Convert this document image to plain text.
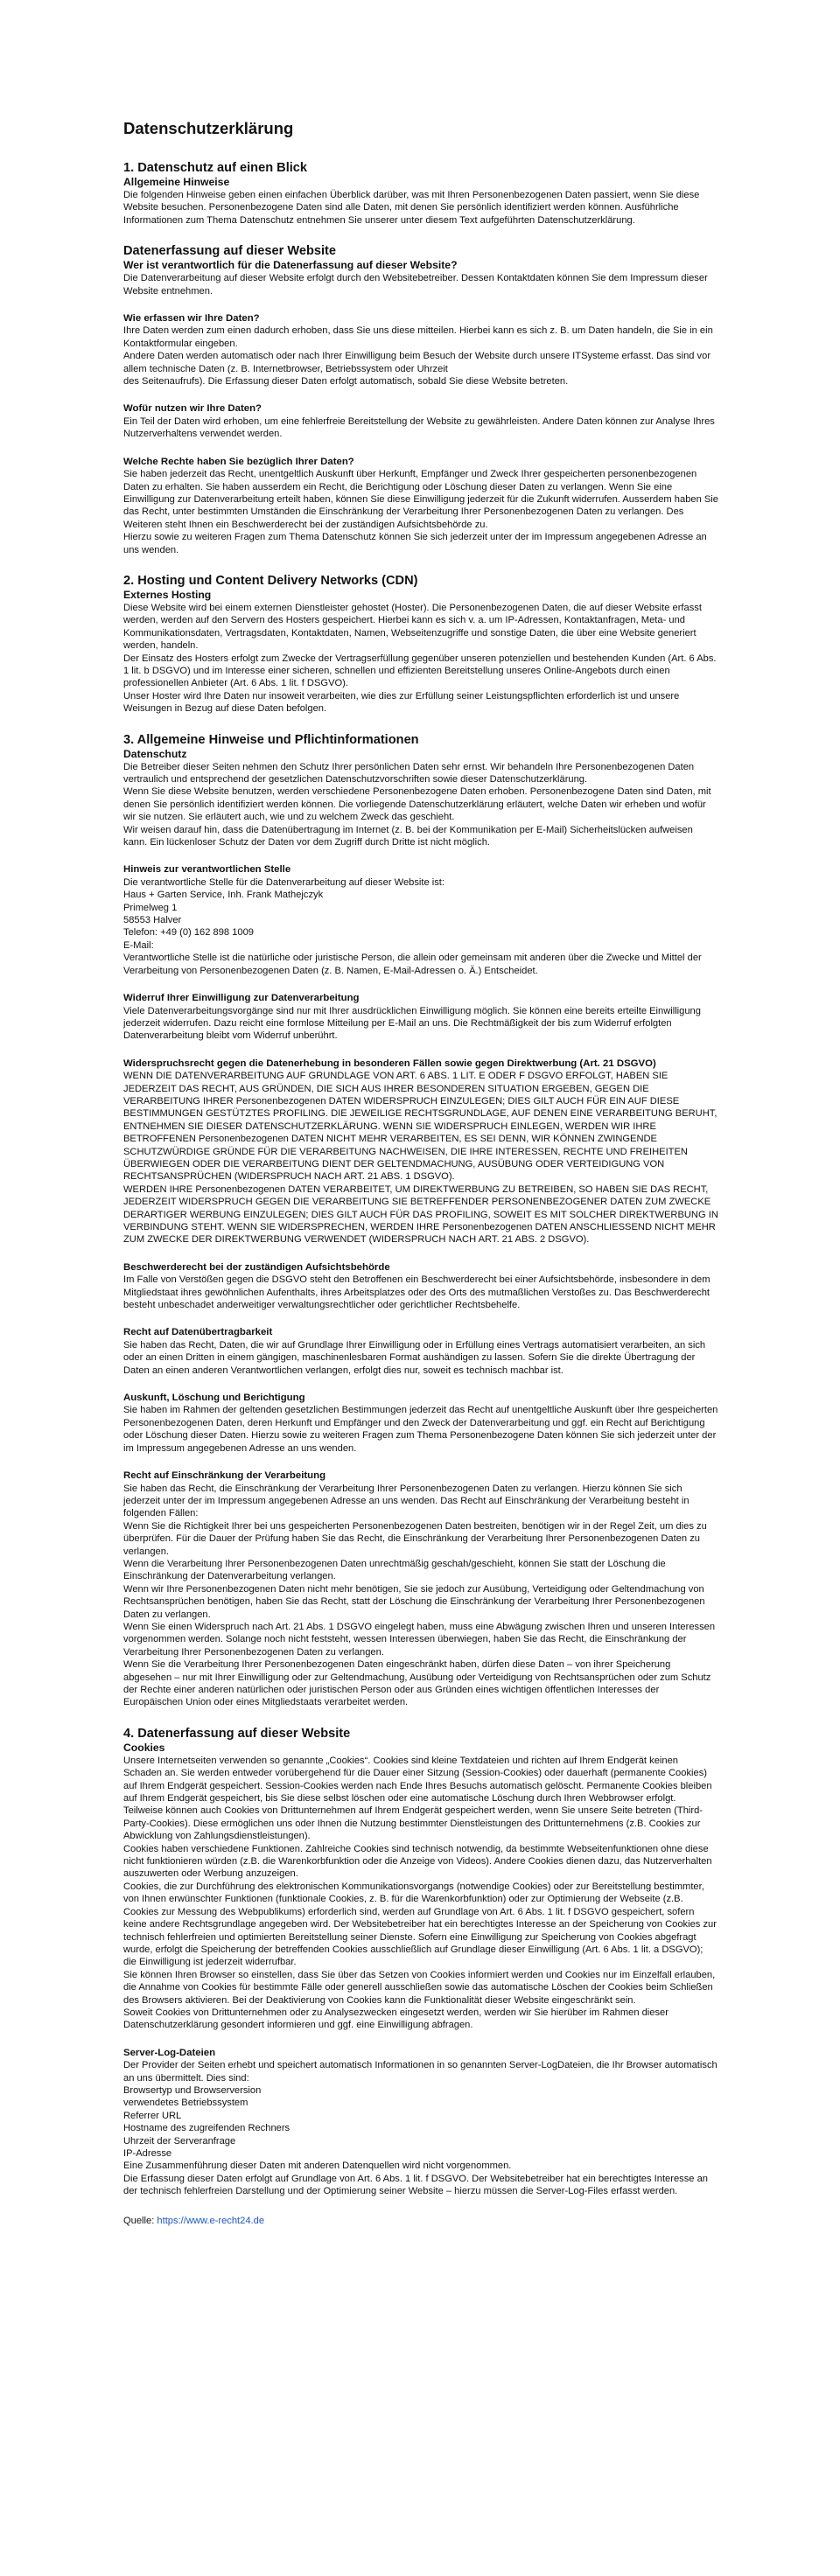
Datenschutzerklärung
1. Datenschutz auf einen Blick
Allgemeine Hinweise

Die folgenden Hinweise geben einen einfachen Überblick darüber, was mit Ihren Personenbezogenen Daten passiert, wenn Sie diese Website besuchen. Personenbezogene Daten sind alle Daten, mit denen Sie persönlich identifiziert werden können. Ausführliche Informationen zum Thema Datenschutz entnehmen Sie unserer unter diesem Text aufgeführten Datenschutzerklärung.

Datenerfassung auf dieser Website
Wer ist verantwortlich für die Datenerfassung auf dieser Website?

Die Datenverarbeitung auf dieser Website erfolgt durch den Websitebetreiber. Dessen Kontaktdaten können Sie dem Impressum dieser Website entnehmen.

Wie erfassen wir Ihre Daten?

Ihre Daten werden zum einen dadurch erhoben, dass Sie uns diese mitteilen. Hierbei kann es sich z. B. um Daten handeln, die Sie in ein Kontaktformular eingeben.
Andere Daten werden automatisch oder nach Ihrer Einwilligung beim Besuch der Website durch unsere ITSysteme erfasst. Das sind vor allem technische Daten (z. B. Internetbrowser, Betriebssystem oder Uhrzeit
des Seitenaufrufs). Die Erfassung dieser Daten erfolgt automatisch, sobald Sie diese Website betreten.

Wofür nutzen wir Ihre Daten?

Ein Teil der Daten wird erhoben, um eine fehlerfreie Bereitstellung der Website zu gewährleisten. Andere Daten können zur Analyse Ihres Nutzerverhaltens verwendet werden.

Welche Rechte haben Sie bezüglich Ihrer Daten?

Sie haben jederzeit das Recht, unentgeltlich Auskunft über Herkunft, Empfänger und Zweck Ihrer gespeicherten personenbezogenen Daten zu erhalten. Sie haben ausserdem ein Recht, die Berichtigung oder Löschung dieser Daten zu verlangen. Wenn Sie eine Einwilligung zur Datenverarbeitung erteilt haben, können Sie diese Einwilligung jederzeit für die Zukunft widerrufen. Ausserdem haben Sie das Recht, unter bestimmten Umständen die Einschränkung der Verarbeitung Ihrer Personenbezogenen Daten zu verlangen. Des Weiteren steht Ihnen ein Beschwerderecht bei der zuständigen Aufsichtsbehörde zu.
Hierzu sowie zu weiteren Fragen zum Thema Datenschutz können Sie sich jederzeit unter der im Impressum angegebenen Adresse an uns wenden.

2. Hosting und Content Delivery Networks (CDN)
Externes Hosting

Diese Website wird bei einem externen Dienstleister gehostet (Hoster). Die Personenbezogenen Daten, die auf dieser Website erfasst werden, werden auf den Servern des Hosters gespeichert. Hierbei kann es sich v. a. um IP-Adressen, Kontaktanfragen, Meta- und Kommunikationsdaten, Vertragsdaten, Kontaktdaten, Namen, Webseitenzugriffe und sonstige Daten, die über eine Website generiert werden, handeln.
Der Einsatz des Hosters erfolgt zum Zwecke der Vertragserfüllung gegenüber unseren potenziellen und bestehenden Kunden (Art. 6 Abs. 1 lit. b DSGVO) und im Interesse einer sicheren, schnellen und effizienten Bereitstellung unseres Online-Angebots durch einen professionellen Anbieter (Art. 6 Abs. 1 lit. f DSGVO).
Unser Hoster wird Ihre Daten nur insoweit verarbeiten, wie dies zur Erfüllung seiner Leistungspflichten erforderlich ist und unsere Weisungen in Bezug auf diese Daten befolgen.

3. Allgemeine Hinweise und Pflichtinformationen
Datenschutz

Die Betreiber dieser Seiten nehmen den Schutz Ihrer persönlichen Daten sehr ernst. Wir behandeln Ihre Personenbezogenen Daten vertraulich und entsprechend der gesetzlichen Datenschutzvorschriften sowie dieser Datenschutzerklärung.
Wenn Sie diese Website benutzen, werden verschiedene Personenbezogene Daten erhoben. Personenbezogene Daten sind Daten, mit denen Sie persönlich identifiziert werden können. Die vorliegende Datenschutzerklärung erläutert, welche Daten wir erheben und wofür wir sie nutzen. Sie erläutert auch, wie und zu welchem Zweck das geschieht.
Wir weisen darauf hin, dass die Datenübertragung im Internet (z. B. bei der Kommunikation per E-Mail) Sicherheitslücken aufweisen kann. Ein lückenloser Schutz der Daten vor dem Zugriff durch Dritte ist nicht möglich.

Hinweis zur verantwortlichen Stelle

Die verantwortliche Stelle für die Datenverarbeitung auf dieser Website ist:
Haus + Garten Service, Inh. Frank Mathejczyk
Primelweg 1
58553 Halver
Telefon: +49 (0) 162 898 1009
E-Mail:
Verantwortliche Stelle ist die natürliche oder juristische Person, die allein oder gemeinsam mit anderen über die Zwecke und Mittel der Verarbeitung von Personenbezogenen Daten (z. B. Namen, E-Mail-Adressen o. Ä.) Entscheidet.

Widerruf Ihrer Einwilligung zur Datenverarbeitung

Viele Datenverarbeitungsvorgänge sind nur mit Ihrer ausdrücklichen Einwilligung möglich. Sie können eine bereits erteilte Einwilligung jederzeit widerrufen. Dazu reicht eine formlose Mitteilung per E-Mail an uns. Die Rechtmäßigkeit der bis zum Widerruf erfolgten Datenverarbeitung bleibt vom Widerruf unberührt.

Widerspruchsrecht gegen die Datenerhebung in besonderen Fällen sowie gegen Direktwerbung (Art. 21 DSGVO)

WENN DIE DATENVERARBEITUNG AUF GRUNDLAGE VON ART. 6 ABS. 1 LIT. E ODER F DSGVO ERFOLGT, HABEN SIE JEDERZEIT DAS RECHT, AUS GRÜNDEN, DIE SICH AUS IHRER BESONDEREN SITUATION ERGEBEN, GEGEN DIE VERARBEITUNG IHRER Personenbezogenen DATEN WIDERSPRUCH EINZULEGEN; DIES GILT AUCH FÜR EIN AUF DIESE BESTIMMUNGEN GESTÜTZTES PROFILING. DIE JEWEILIGE RECHTSGRUNDLAGE, AUF DENEN EINE VERARBEITUNG BERUHT, ENTNEHMEN SIE DIESER DATENSCHUTZERKLÄRUNG. WENN SIE WIDERSPRUCH EINLEGEN, WERDEN WIR IHRE BETROFFENEN Personenbezogenen DATEN NICHT MEHR VERARBEITEN, ES SEI DENN, WIR KÖNNEN ZWINGENDE SCHUTZWÜRDIGE GRÜNDE FÜR DIE VERARBEITUNG NACHWEISEN, DIE IHRE INTERESSEN, RECHTE UND FREIHEITEN ÜBERWIEGEN ODER DIE VERARBEITUNG DIENT DER GELTENDMACHUNG, AUSÜBUNG ODER VERTEIDIGUNG VON RECHTSANSPRÜCHEN (WIDERSPRUCH NACH ART. 21 ABS. 1 DSGVO).
WERDEN IHRE Personenbezogenen DATEN VERARBEITET, UM DIREKTWERBUNG ZU BETREIBEN, SO HABEN SIE DAS RECHT, JEDERZEIT WIDERSPRUCH GEGEN DIE VERARBEITUNG SIE BETREFFENDER PERSONENBEZOGENER DATEN ZUM ZWECKE DERARTIGER WERBUNG EINZULEGEN; DIES GILT AUCH FÜR DAS PROFILING, SOWEIT ES MIT SOLCHER DIREKTWERBUNG IN VERBINDUNG STEHT. WENN SIE WIDERSPRECHEN, WERDEN IHRE Personenbezogenen DATEN ANSCHLIESSEND NICHT MEHR ZUM ZWECKE DER DIREKTWERBUNG VERWENDET (WIDERSPRUCH NACH ART. 21 ABS. 2 DSGVO).

Beschwerderecht bei der zuständigen Aufsichtsbehörde

Im Falle von Verstößen gegen die DSGVO steht den Betroffenen ein Beschwerderecht bei einer Aufsichtsbehörde, insbesondere in dem Mitgliedstaat ihres gewöhnlichen Aufenthalts, ihres Arbeitsplatzes oder des Orts des mutmaßlichen Verstoßes zu. Das Beschwerderecht besteht unbeschadet anderweitiger verwaltungsrechtlicher oder gerichtlicher Rechtsbehelfe.

Recht auf Datenübertragbarkeit

Sie haben das Recht, Daten, die wir auf Grundlage Ihrer Einwilligung oder in Erfüllung eines Vertrags automatisiert verarbeiten, an sich oder an einen Dritten in einem gängigen, maschinenlesbaren Format aushändigen zu lassen. Sofern Sie die direkte Übertragung der Daten an einen anderen Verantwortlichen verlangen, erfolgt dies nur, soweit es technisch machbar ist.

Auskunft, Löschung und Berichtigung

Sie haben im Rahmen der geltenden gesetzlichen Bestimmungen jederzeit das Recht auf unentgeltliche Auskunft über Ihre gespeicherten Personenbezogenen Daten, deren Herkunft und Empfänger und den Zweck der Datenverarbeitung und ggf. ein Recht auf Berichtigung oder Löschung dieser Daten. Hierzu sowie zu weiteren Fragen zum Thema Personenbezogene Daten können Sie sich jederzeit unter der im Impressum angegebenen Adresse an uns wenden.

Recht auf Einschränkung der Verarbeitung

Sie haben das Recht, die Einschränkung der Verarbeitung Ihrer Personenbezogenen Daten zu verlangen. Hierzu können Sie sich jederzeit unter der im Impressum angegebenen Adresse an uns wenden. Das Recht auf Einschränkung der Verarbeitung besteht in folgenden Fällen:
Wenn Sie die Richtigkeit Ihrer bei uns gespeicherten Personenbezogenen Daten bestreiten, benötigen wir in der Regel Zeit, um dies zu überprüfen. Für die Dauer der Prüfung haben Sie das Recht, die Einschränkung der Verarbeitung Ihrer Personenbezogenen Daten zu verlangen.
Wenn die Verarbeitung Ihrer Personenbezogenen Daten unrechtmäßig geschah/geschieht, können Sie statt der Löschung die Einschränkung der Datenverarbeitung verlangen.
Wenn wir Ihre Personenbezogenen Daten nicht mehr benötigen, Sie sie jedoch zur Ausübung, Verteidigung oder Geltendmachung von Rechtsansprüchen benötigen, haben Sie das Recht, statt der Löschung die Einschränkung der Verarbeitung Ihrer Personenbezogenen Daten zu verlangen.
Wenn Sie einen Widerspruch nach Art. 21 Abs. 1 DSGVO eingelegt haben, muss eine Abwägung zwischen Ihren und unseren Interessen vorgenommen werden. Solange noch nicht feststeht, wessen Interessen überwiegen, haben Sie das Recht, die Einschränkung der Verarbeitung Ihrer Personenbezogenen Daten zu verlangen.
Wenn Sie die Verarbeitung Ihrer Personenbezogenen Daten eingeschränkt haben, dürfen diese Daten – von ihrer Speicherung abgesehen – nur mit Ihrer Einwilligung oder zur Geltendmachung, Ausübung oder Verteidigung von Rechtsansprüchen oder zum Schutz der Rechte einer anderen natürlichen oder juristischen Person oder aus Gründen eines wichtigen öffentlichen Interesses der Europäischen Union oder eines Mitgliedstaats verarbeitet werden.

4. Datenerfassung auf dieser Website
Cookies

Unsere Internetseiten verwenden so genannte „Cookies“. Cookies sind kleine Textdateien und richten auf Ihrem Endgerät keinen Schaden an. Sie werden entweder vorübergehend für die Dauer einer Sitzung (Session-Cookies) oder dauerhaft (permanente Cookies) auf Ihrem Endgerät gespeichert. Session-Cookies werden nach Ende Ihres Besuchs automatisch gelöscht. Permanente Cookies bleiben auf Ihrem Endgerät gespeichert, bis Sie diese selbst löschen oder eine automatische Löschung durch Ihren Webbrowser erfolgt.
Teilweise können auch Cookies von Drittunternehmen auf Ihrem Endgerät gespeichert werden, wenn Sie unsere Seite betreten (Third-Party-Cookies). Diese ermöglichen uns oder Ihnen die Nutzung bestimmter Dienstleistungen des Drittunternehmens (z.B. Cookies zur Abwicklung von Zahlungsdienstleistungen).
Cookies haben verschiedene Funktionen. Zahlreiche Cookies sind technisch notwendig, da bestimmte Webseitenfunktionen ohne diese nicht funktionieren würden (z.B. die Warenkorbfunktion oder die Anzeige von Videos). Andere Cookies dienen dazu, das Nutzerverhalten auszuwerten oder Werbung anzuzeigen.
Cookies, die zur Durchführung des elektronischen Kommunikationsvorgangs (notwendige Cookies) oder zur Bereitstellung bestimmter, von Ihnen erwünschter Funktionen (funktionale Cookies, z. B. für die Warenkorbfunktion) oder zur Optimierung der Webseite (z.B. Cookies zur Messung des Webpublikums) erforderlich sind, werden auf Grundlage von Art. 6 Abs. 1 lit. f DSGVO gespeichert, sofern keine andere Rechtsgrundlage angegeben wird. Der Websitebetreiber hat ein berechtigtes Interesse an der Speicherung von Cookies zur technisch fehlerfreien und optimierten Bereitstellung seiner Dienste. Sofern eine Einwilligung zur Speicherung von Cookies abgefragt wurde, erfolgt die Speicherung der betreffenden Cookies ausschließlich auf Grundlage dieser Einwilligung (Art. 6 Abs. 1 lit. a DSGVO); die Einwilligung ist jederzeit widerrufbar.
Sie können Ihren Browser so einstellen, dass Sie über das Setzen von Cookies informiert werden und Cookies nur im Einzelfall erlauben, die Annahme von Cookies für bestimmte Fälle oder generell ausschließen sowie das automatische Löschen der Cookies beim Schließen des Browsers aktivieren. Bei der Deaktivierung von Cookies kann die Funktionalität dieser Website eingeschränkt sein.
Soweit Cookies von Drittunternehmen oder zu Analysezwecken eingesetzt werden, werden wir Sie hierüber im Rahmen dieser Datenschutzerklärung gesondert informieren und ggf. eine Einwilligung abfragen.

Server-Log-Dateien

Der Provider der Seiten erhebt und speichert automatisch Informationen in so genannten Server-LogDateien, die Ihr Browser automatisch an uns übermittelt. Dies sind:
Browsertyp und Browserversion
verwendetes Betriebssystem
Referrer URL
Hostname des zugreifenden Rechners
Uhrzeit der Serveranfrage
IP-Adresse
Eine Zusammenführung dieser Daten mit anderen Datenquellen wird nicht vorgenommen.
Die Erfassung dieser Daten erfolgt auf Grundlage von Art. 6 Abs. 1 lit. f DSGVO. Der Websitebetreiber hat ein berechtigtes Interesse an der technisch fehlerfreien Darstellung und der Optimierung seiner Website – hierzu müssen die Server-Log-Files erfasst werden.

Quelle: https://www.e-recht24.de
